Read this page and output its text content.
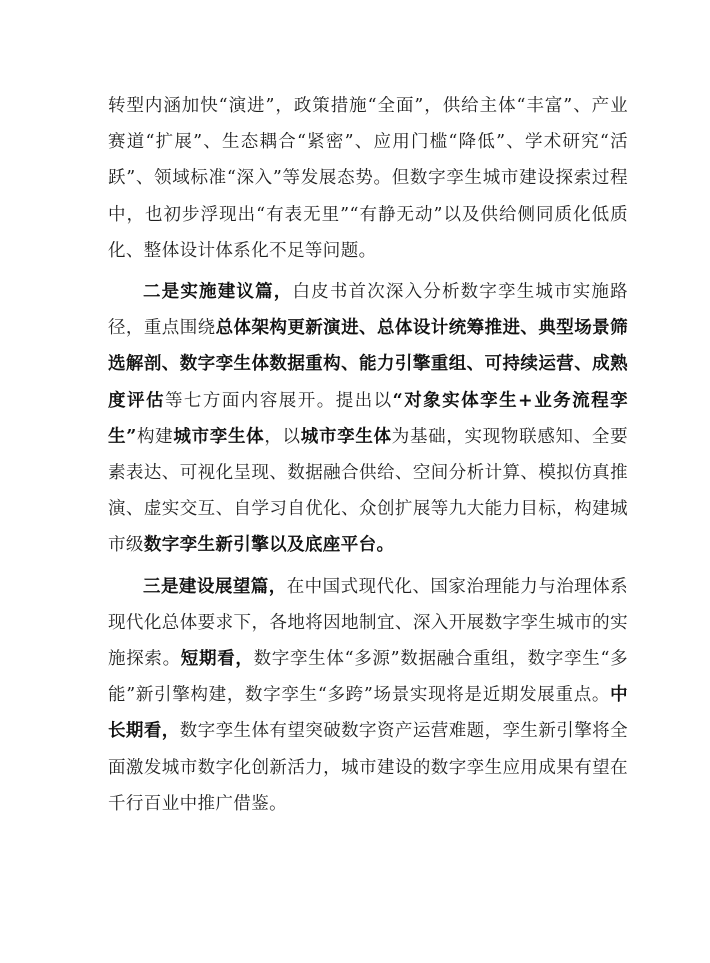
转型内涵加快“演进”，政策措施“全面”，供给主体“丰富”、产业赛道“扩展”、生态耦合“紧密”、应用门槛“降低”、学术研究“活跃”、领域标准“深入”等发展态势。但数字孪生城市建设探索过程中，也初步浮现出“有表无里”“有静无动”以及供给侧同质化低质化、整体设计体系化不足等问题。

二是实施建议篇，白皮书首次深入分析数字孪生城市实施路径，重点围绕总体架构更新演进、总体设计统筹推进、典型场景筛选解剖、数字孪生体数据重构、能力引擎重组、可持续运营、成熟度评估等七方面内容展开。提出以“对象实体孪生+业务流程孪生”构建城市孪生体，以城市孪生体为基础，实现物联感知、全要素表达、可视化呈现、数据融合供给、空间分析计算、模拟仿真推演、虚实交互、自学习自优化、众创扩展等九大能力目标，构建城市级数字孪生新引擎以及底座平台。

三是建设展望篇，在中国式现代化、国家治理能力与治理体系现代化总体要求下，各地将因地制宜、深入开展数字孪生城市的实施探索。短期看，数字孪生体“多源”数据融合重组，数字孪生“多能”新引擎构建，数字孪生“多跨”场景实现将是近期发展重点。中长期看，数字孪生体有望突破数字资产运营难题，孪生新引擎将全面激发城市数字化创新活力，城市建设的数字孪生应用成果有望在千行百业中推广借鉴。
